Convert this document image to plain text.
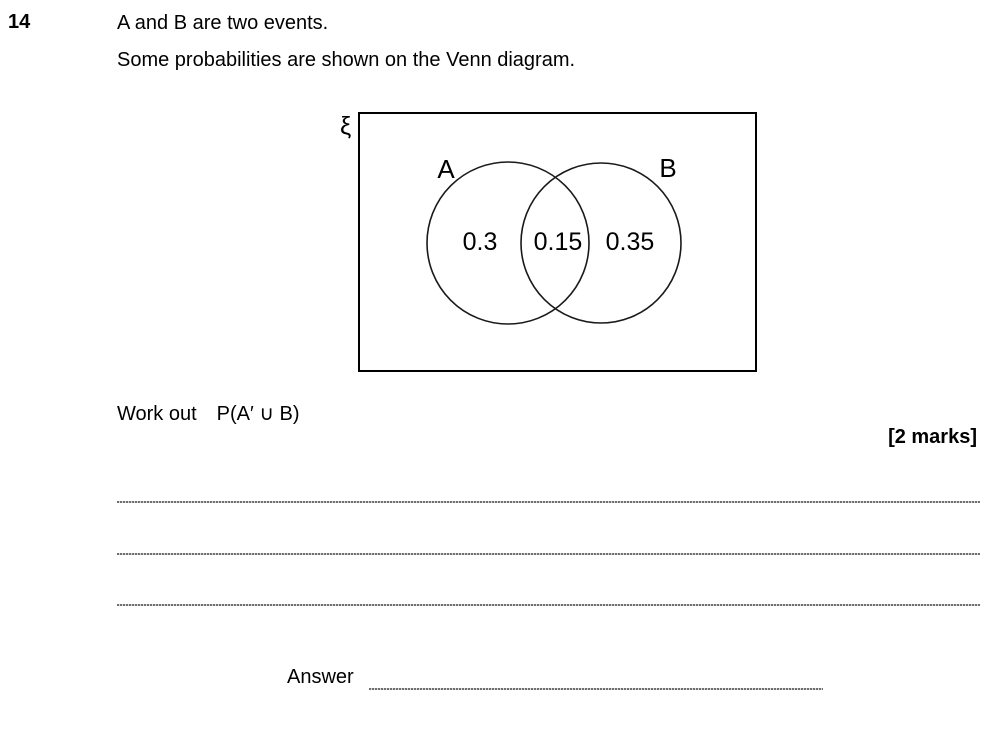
14	A and B are two events.
Some probabilities are shown on the Venn diagram.
ξ
A	B
0.3 0.15 0.35
Work out P(A′ ∪ B)
[2 marks]
Answer
